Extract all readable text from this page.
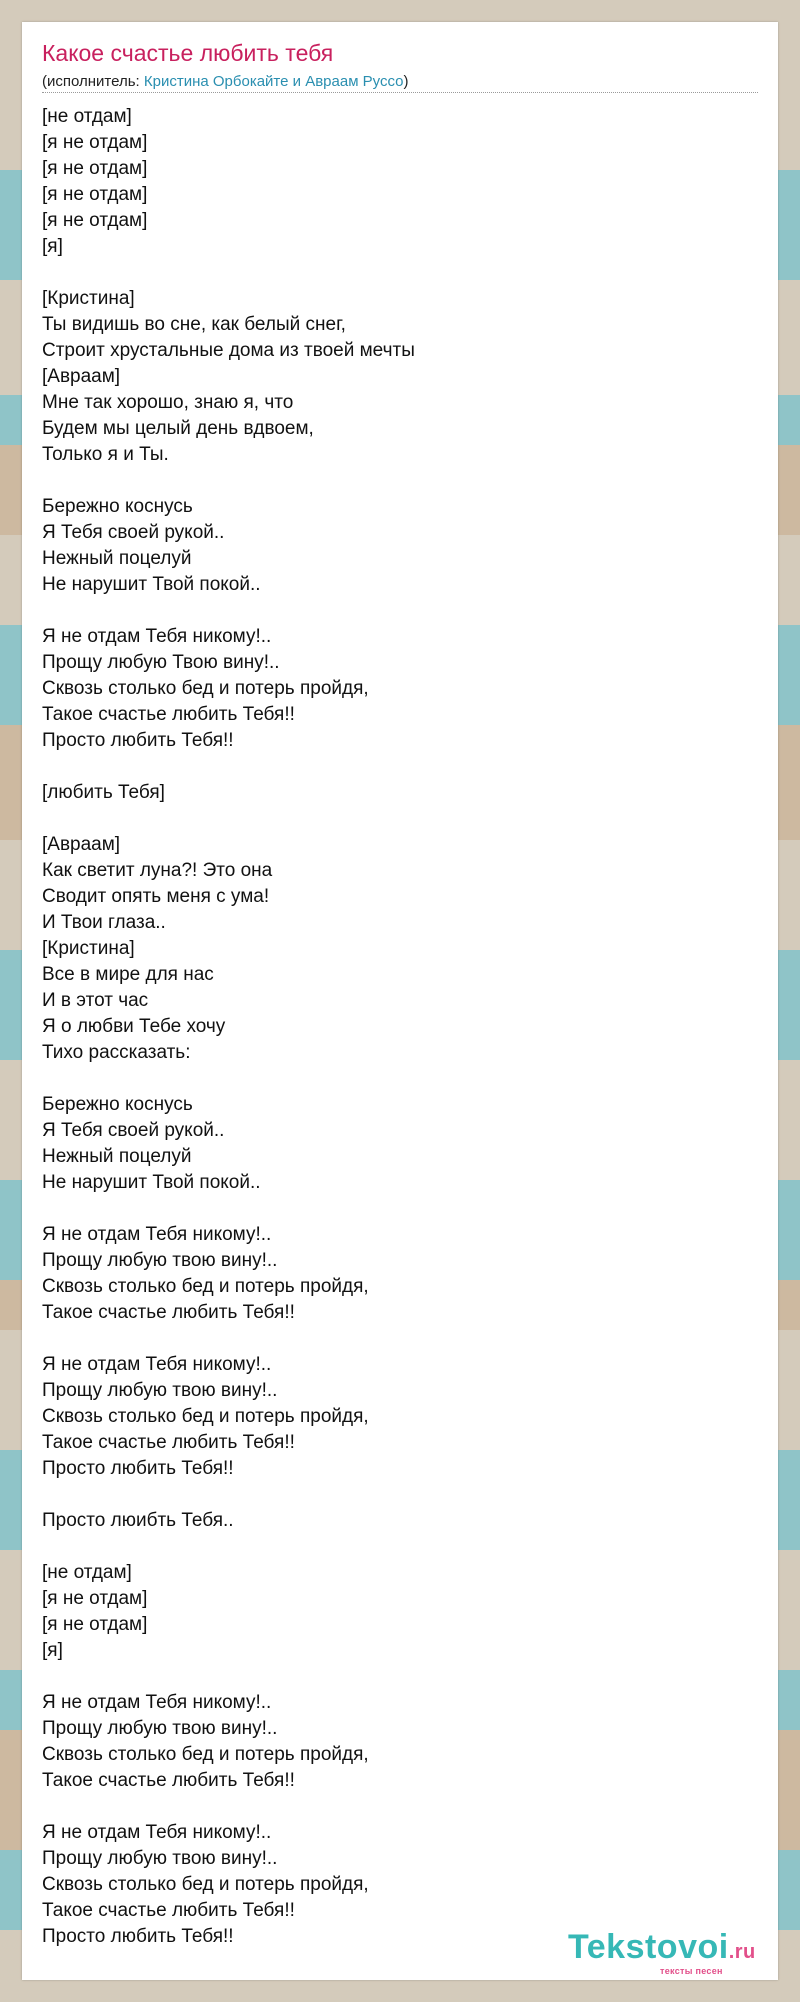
Какое счастье любить тебя
(исполнитель: Кристина Орбокайте и Авраам Руссо)
[не отдам]
[я не отдам]
[я не отдам]
[я не отдам]
[я не отдам]
[я]
[Кристина]
Ты видишь во сне, как белый снег,
Строит хрустальные дома из твоей мечты
[Авраам]
Мне так хорошо, знаю я, что
Будем мы целый день вдвоем,
Только я и Ты.
Бережно коснусь
Я Тебя своей рукой..
Нежный поцелуй
Не нарушит Твой покой..
Я не отдам Тебя никому!..
Прощу любую Твою вину!..
Сквозь столько бед и потерь пройдя,
Такое счастье любить Тебя!!
Просто любить Тебя!!
[любить Тебя]
[Авраам]
Как светит луна?! Это она
Сводит опять меня с ума!
И Твои глаза..
[Кристина]
Все в мире для нас
И в этот час
Я о любви Тебе хочу
Тихо рассказать:
Бережно коснусь
Я Тебя своей рукой..
Нежный поцелуй
Не нарушит Твой покой..
Я не отдам Тебя никому!..
Прощу любую твою вину!..
Сквозь столько бед и потерь пройдя,
Такое счастье любить Тебя!!
Я не отдам Тебя никому!..
Прощу любую твою вину!..
Сквозь столько бед и потерь пройдя,
Такое счастье любить Тебя!!
Просто любить Тебя!!
Просто люибть Тебя..
[не отдам]
[я не отдам]
[я не отдам]
[я]
Я не отдам Тебя никому!..
Прощу любую твою вину!..
Сквозь столько бед и потерь пройдя,
Такое счастье любить Тебя!!
Я не отдам Тебя никому!..
Прощу любую твою вину!..
Сквозь столько бед и потерь пройдя,
Такое счастье любить Тебя!!
Просто любить Тебя!!	Tekstovoi.ru
тексты песен
